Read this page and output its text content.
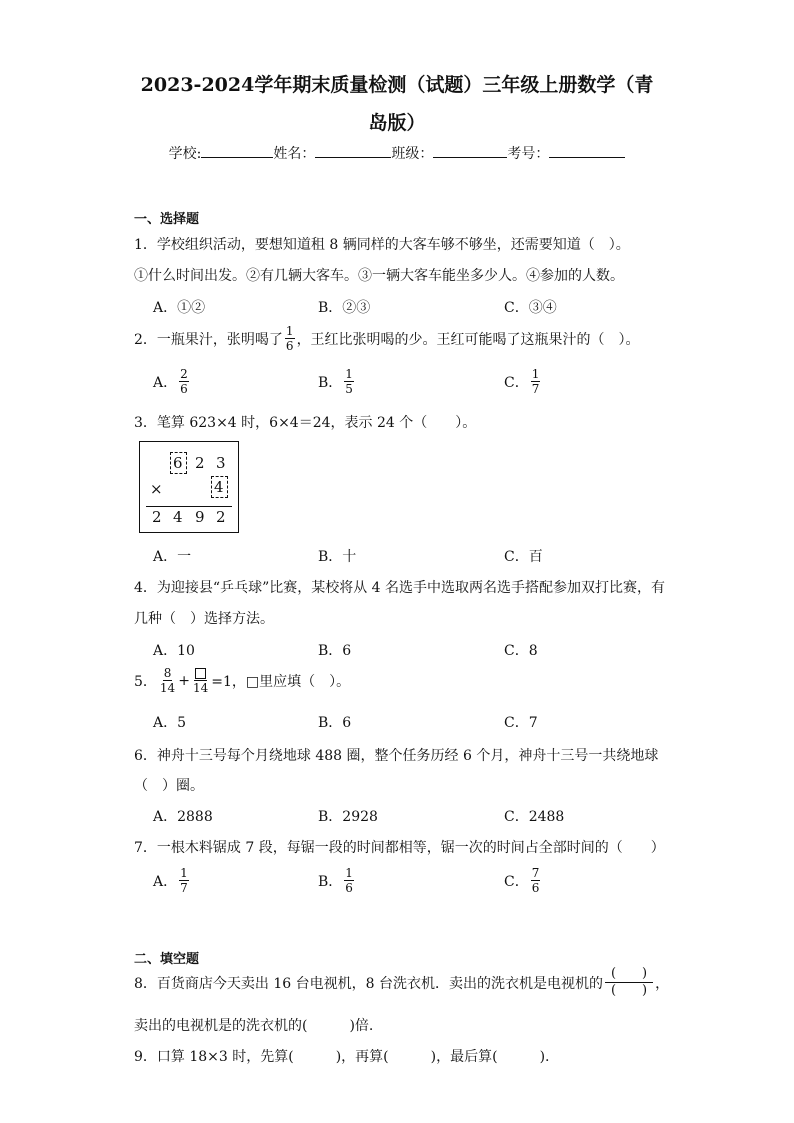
2023-2024学年期末质量检测（试题）三年级上册数学（青
岛版）
学校:	姓名：	班级：	考号：
一、选择题
1．学校组织活动，要想知道租 8 辆同样的大客车够不够坐，还需要知道（　）。
①什么时间出发。②有几辆大客车。③一辆大客车能坐多少人。④参加的人数。
A．①②	B．②③	C．③④
2．一瓶果汁，张明喝了 $\frac{1}{6}$ ，王红比张明喝的少。王红可能喝了这瓶果汁的（　）。
A． $\frac{2}{6}$	B． $\frac{1}{5}$	C． $\frac{1}{7}$
3．笔算 623×4 时，6×4＝24，表示 24 个（　　）。
6 2 3
×	4
2 4 9 2
A．一	B．十	C．百
4．为迎接县“乒乓球”比赛，某校将从 4 名选手中选取两名选手搭配参加双打比赛，有
几种（　）选择方法。
A．10	B．6	C．8
5． $\frac{8}{14} + 14 =1$，□里应填（　）。
A．5	B．6	C．7
6．神舟十三号每个月绕地球 488 圈，整个任务历经 6 个月，神舟十三号一共绕地球
（　）圈。
A．2888	B．2928	C．2488
7．一根木料锯成 7 段，每锯一段的时间都相等，锯一次的时间占全部时间的（　　）
A． $\frac{1}{7}$	B． $\frac{1}{6}$	C． $\frac{7}{6}$
二、填空题
8．百货商店今天卖出 16 台电视机，8 台洗衣机．卖出的洗衣机是电视机的 $\frac{( )}{( )}$ ，
卖出的电视机是的洗衣机的(　　　)倍.
9．口算 18×3 时，先算(　　　)，再算(　　　)，最后算(　　　).
